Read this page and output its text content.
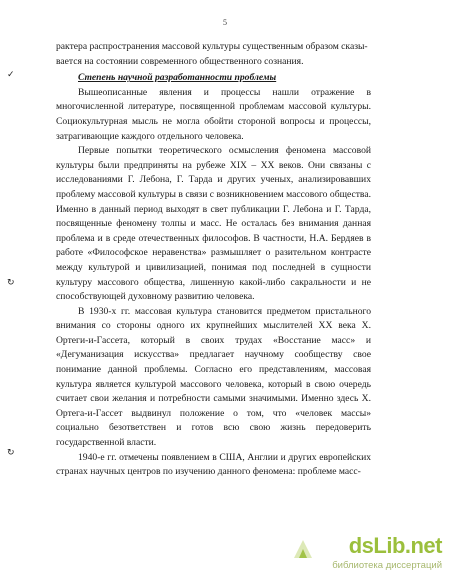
5
✓
↻
↻

рактера распространения массовой культуры существенным образом сказы-

вается на состоянии современного общественного сознания.

Степень научной разработанности проблемы

Вышеописанные явления и процессы нашли отражение в многочисленной литературе, посвященной проблемам массовой культуры. Социокультурная мысль не могла обойти стороной вопросы и процессы, затрагивающие каждого отдельного человека.

Первые попытки теоретического осмысления феномена массовой культуры были предприняты на рубеже XIX – XX веков. Они связаны с исследованиями Г. Лебона, Г. Тарда и других ученых, анализировавших проблему массовой культуры в связи с возникновением массового общества. Именно в данный период выходят в свет публикации Г. Лебона и Г. Тарда, посвященные феномену толпы и масс. Не осталась без внимания данная проблема и в среде отечественных философов. В частности, Н.А. Бердяев в работе «Философское неравенства» размышляет о разительном контрасте между культурой и цивилизацией, понимая под последней в сущности культуру массового общества, лишенную какой-либо сакральности и не способствующей духовному развитию человека.

В 1930-х гг. массовая культура становится предметом пристального внимания со стороны одного их крупнейших мыслителей XX века Х. Ортеги-и-Гассета, который в своих трудах «Восстание масс» и «Дегуманизация искусства» предлагает научному сообществу свое понимание данной проблемы. Согласно его представлениям, массовая культура является культурой массового человека, который в свою очередь считает свои желания и потребности самыми значимыми. Именно здесь Х. Ортега-и-Гассет выдвинул положение о том, что «человек массы» социально безответствен и готов всю свою жизнь передоверить государственной власти.

1940-е гг. отмечены появлением в США, Англии и других европейских странах научных центров по изучению данного феномена: проблеме масс-

dsLib.net
библиотека диссертаций
